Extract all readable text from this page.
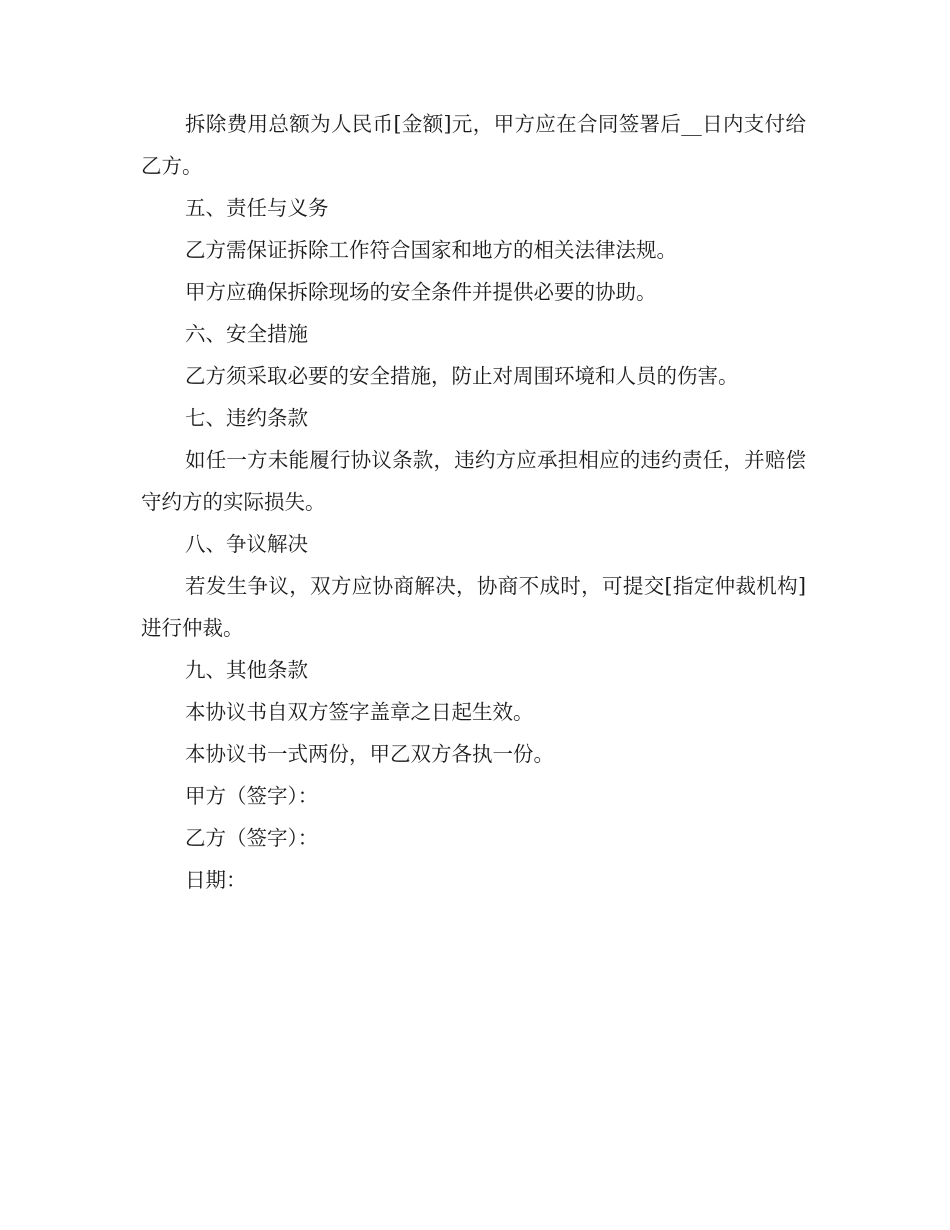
拆除费用总额为人民币[金额]元，甲方应在合同签署后__日内支付给乙方。

五、责任与义务

乙方需保证拆除工作符合国家和地方的相关法律法规。

甲方应确保拆除现场的安全条件并提供必要的协助。

六、安全措施

乙方须采取必要的安全措施，防止对周围环境和人员的伤害。

七、违约条款

如任一方未能履行协议条款，违约方应承担相应的违约责任，并赔偿守约方的实际损失。

八、争议解决

若发生争议，双方应协商解决，协商不成时，可提交[指定仲裁机构]进行仲裁。

九、其他条款

本协议书自双方签字盖章之日起生效。

本协议书一式两份，甲乙双方各执一份。

甲方（签字）：

乙方（签字）：

日期：
